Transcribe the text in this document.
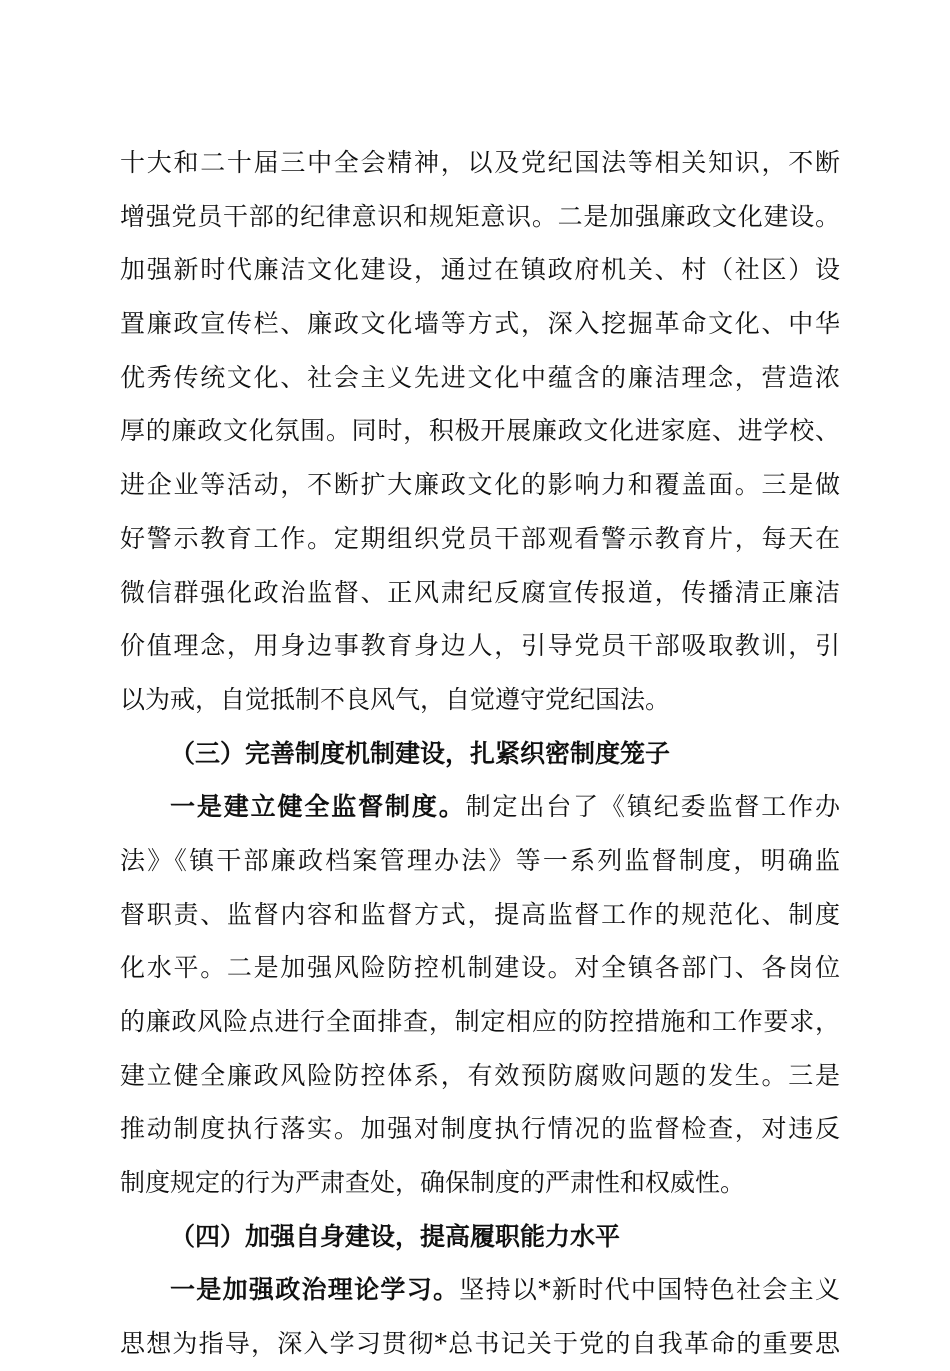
十大和二十届三中全会精神，以及党纪国法等相关知识，不断
增强党员干部的纪律意识和规矩意识。二是加强廉政文化建设。
加强新时代廉洁文化建设，通过在镇政府机关、村（社区）设
置廉政宣传栏、廉政文化墙等方式，深入挖掘革命文化、中华
优秀传统文化、社会主义先进文化中蕴含的廉洁理念，营造浓
厚的廉政文化氛围。同时，积极开展廉政文化进家庭、进学校、
进企业等活动，不断扩大廉政文化的影响力和覆盖面。三是做
好警示教育工作。定期组织党员干部观看警示教育片，每天在
微信群强化政治监督、正风肃纪反腐宣传报道，传播清正廉洁
价值理念，用身边事教育身边人，引导党员干部吸取教训，引
以为戒，自觉抵制不良风气，自觉遵守党纪国法。
（三）完善制度机制建设，扎紧织密制度笼子
一是建立健全监督制度。制定出台了《镇纪委监督工作办
法》《镇干部廉政档案管理办法》等一系列监督制度，明确监
督职责、监督内容和监督方式，提高监督工作的规范化、制度
化水平。二是加强风险防控机制建设。对全镇各部门、各岗位
的廉政风险点进行全面排查，制定相应的防控措施和工作要求，
建立健全廉政风险防控体系，有效预防腐败问题的发生。三是
推动制度执行落实。加强对制度执行情况的监督检查，对违反
制度规定的行为严肃查处，确保制度的严肃性和权威性。
（四）加强自身建设，提高履职能力水平
一是加强政治理论学习。坚持以*新时代中国特色社会主义
思想为指导，深入学习贯彻*总书记关于党的自我革命的重要思
